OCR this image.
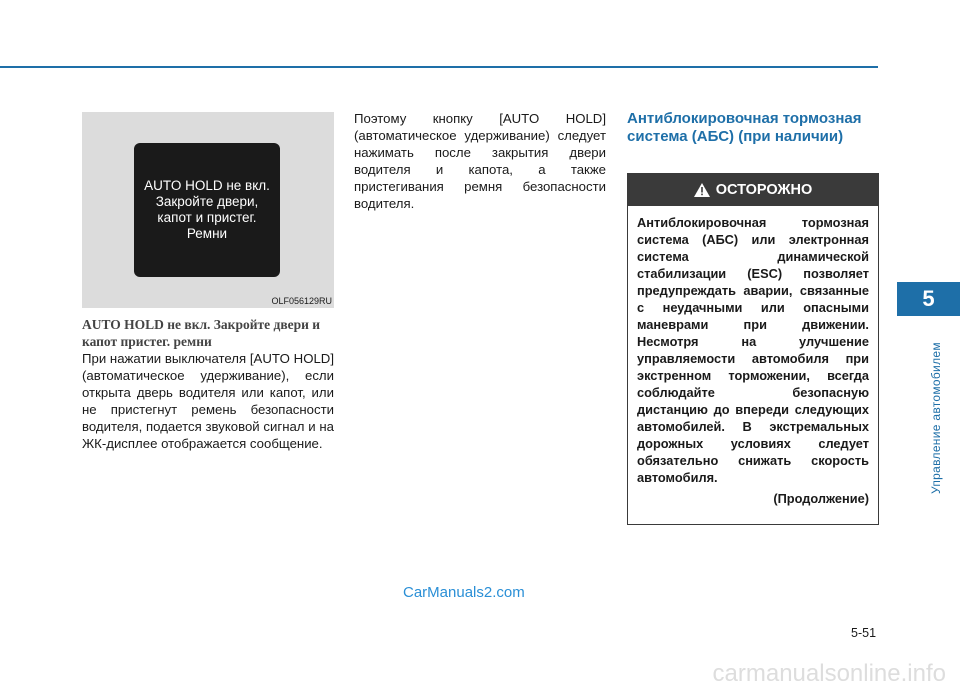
5
Управление автомобилем
AUTO HOLD не вкл. Закройте двери, капот и пристег. Ремни
OLF056129RU
AUTO HOLD не вкл. Закройте двери и капот пристег. ремни
При нажатии выключателя [AUTO HOLD] (автоматическое удерживание), если открыта дверь водителя или капот, или не пристегнут ремень безопасности водителя, подается звуковой сигнал и на ЖК-дисплее отображается сообщение.
Поэтому кнопку [AUTO HOLD] (автоматическое удерживание) следует нажимать после закрытия двери водителя и капота, а также пристегивания ремня безопасности водителя.
Антиблокировочная тормозная система (АБС) (при наличии)
ОСТОРОЖНО
Антиблокировочная тормозная система (АБС) или электронная система динамической стабилизации (ESC) позволяет предупреждать аварии, связанные с неудачными или опасными маневрами при движении. Несмотря на улучшение управляемости автомобиля при экстренном торможении, всегда соблюдайте безопасную дистанцию до впереди следующих автомобилей. В экстремальных дорожных условиях следует обязательно снижать скорость автомобиля.
(Продолжение)
CarManuals2.com
5-51
carmanualsonline.info
